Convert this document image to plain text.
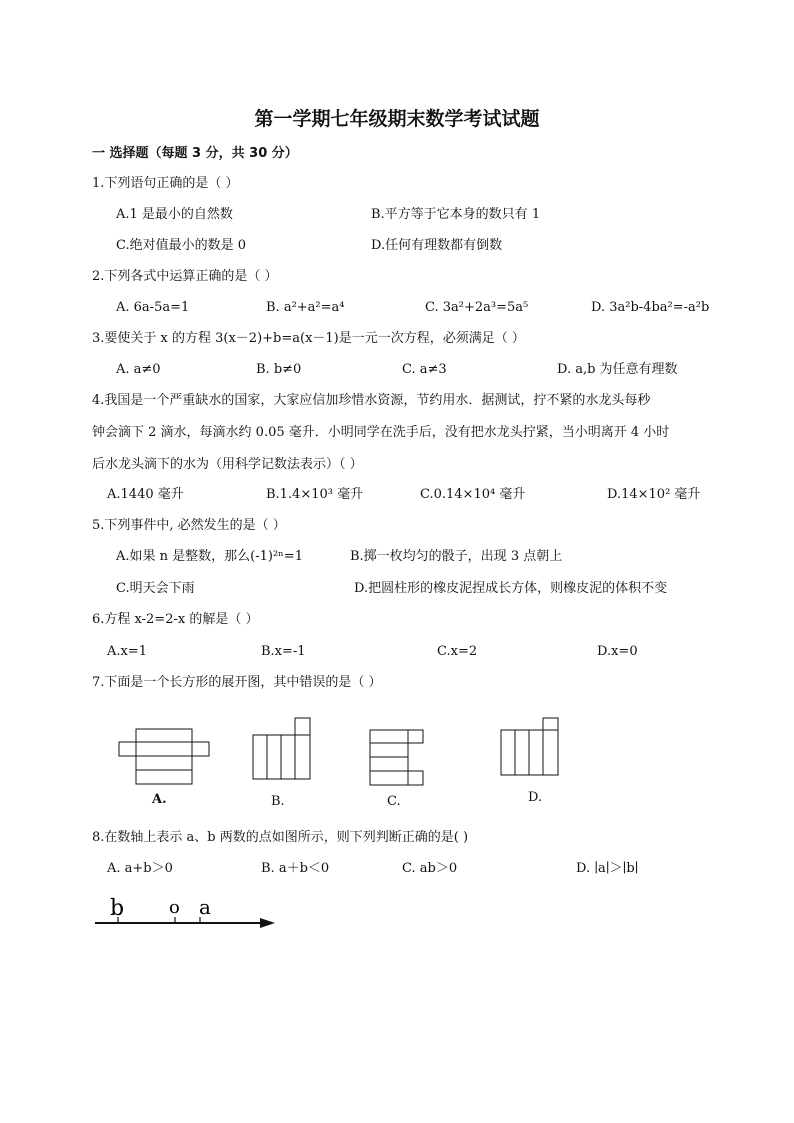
第一学期七年级期末数学考试试题
一 选择题（每题 3 分，共 30 分）
1.下列语句正确的是（ ）
A.1 是最小的自然数	B.平方等于它本身的数只有 1
C.绝对值最小的数是 0	D.任何有理数都有倒数
2.下列各式中运算正确的是（ ）
A. 6a-5a=1	B. a²+a²=a⁴	C. 3a²+2a³=5a⁵	D. 3a²b-4ba²=-a²b
3.要使关于 x 的方程 3(x－2)+b=a(x－1)是一元一次方程，必须满足（ ）
A. a≠0	B. b≠0	C. a≠3	D. a,b 为任意有理数
4.我国是一个严重缺水的国家，大家应信加珍惜水资源，节约用水．据测试，拧不紧的水龙头每秒
钟会滴下 2 滴水，每滴水约 0.05 毫升．小明同学在洗手后，没有把水龙头拧紧，当小明离开 4 小时
后水龙头滴下的水为（用科学记数法表示）（ ）
A.1440 毫升	B.1.4×10³ 毫升	C.0.14×10⁴ 毫升	D.14×10² 毫升
5.下列事件中, 必然发生的是（ ）
A.如果 n 是整数，那么(-1)²ⁿ=1	B.掷一枚均匀的骰子，出现 3 点朝上
C.明天会下雨	D.把圆柱形的橡皮泥捏成长方体，则橡皮泥的体积不变
6.方程 x-2=2-x 的解是（ ）
A.x=1	B.x=-1	C.x=2	D.x=0
7.下面是一个长方形的展开图，其中错误的是（ ）
A.	B.	C.	D.
8.在数轴上表示 a、b 两数的点如图所示，则下列判断正确的是( )
A. a+b＞0	B. a＋b＜0	C. ab＞0	D. ∣a∣＞∣b∣
b o a
